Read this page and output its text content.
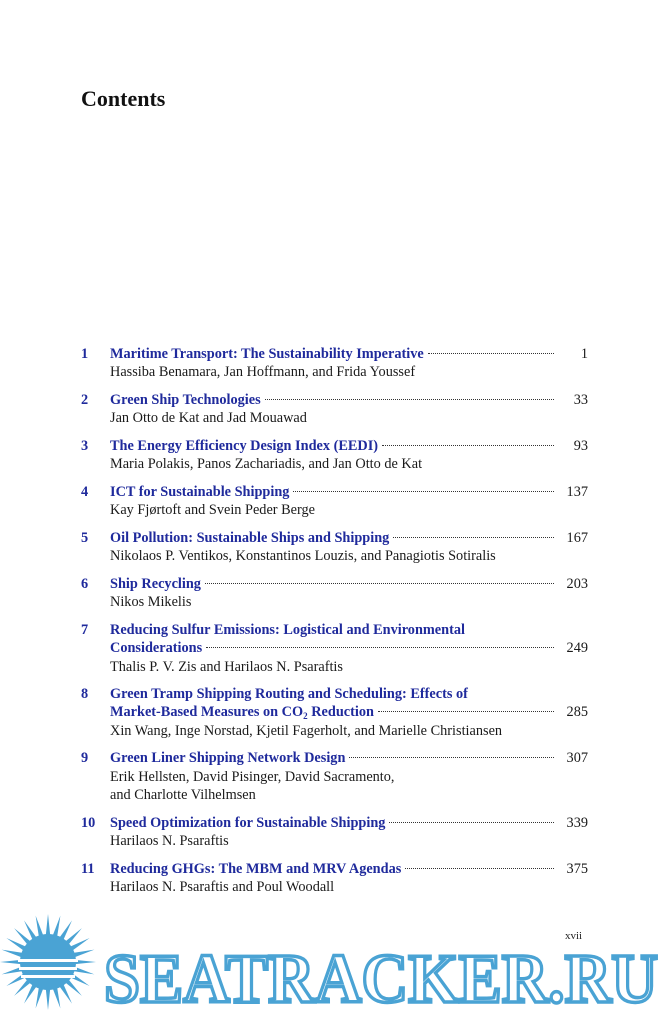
Contents
1	Maritime Transport: The Sustainability Imperative	1
Hassiba Benamara, Jan Hoffmann, and Frida Youssef
2	Green Ship Technologies	33
Jan Otto de Kat and Jad Mouawad
3	The Energy Efficiency Design Index (EEDI)	93
Maria Polakis, Panos Zachariadis, and Jan Otto de Kat
4	ICT for Sustainable Shipping	137
Kay Fjørtoft and Svein Peder Berge
5	Oil Pollution: Sustainable Ships and Shipping	167
Nikolaos P. Ventikos, Konstantinos Louzis, and Panagiotis Sotiralis
6	Ship Recycling	203
Nikos Mikelis
7	Reducing Sulfur Emissions: Logistical and Environmental
Considerations	249
Thalis P. V. Zis and Harilaos N. Psaraftis
8	Green Tramp Shipping Routing and Scheduling: Effects of
Market-Based Measures on $CO_2$ Reduction	285
Xin Wang, Inge Norstad, Kjetil Fagerholt, and Marielle Christiansen
9	Green Liner Shipping Network Design	307
Erik Hellsten, David Pisinger, David Sacramento,
and Charlotte Vilhelmsen
10	Speed Optimization for Sustainable Shipping	339
Harilaos N. Psaraftis
11	Reducing GHGs: The MBM and MRV Agendas	375
Harilaos N. Psaraftis and Poul Woodall
xvii
SEATRACKER.RU
